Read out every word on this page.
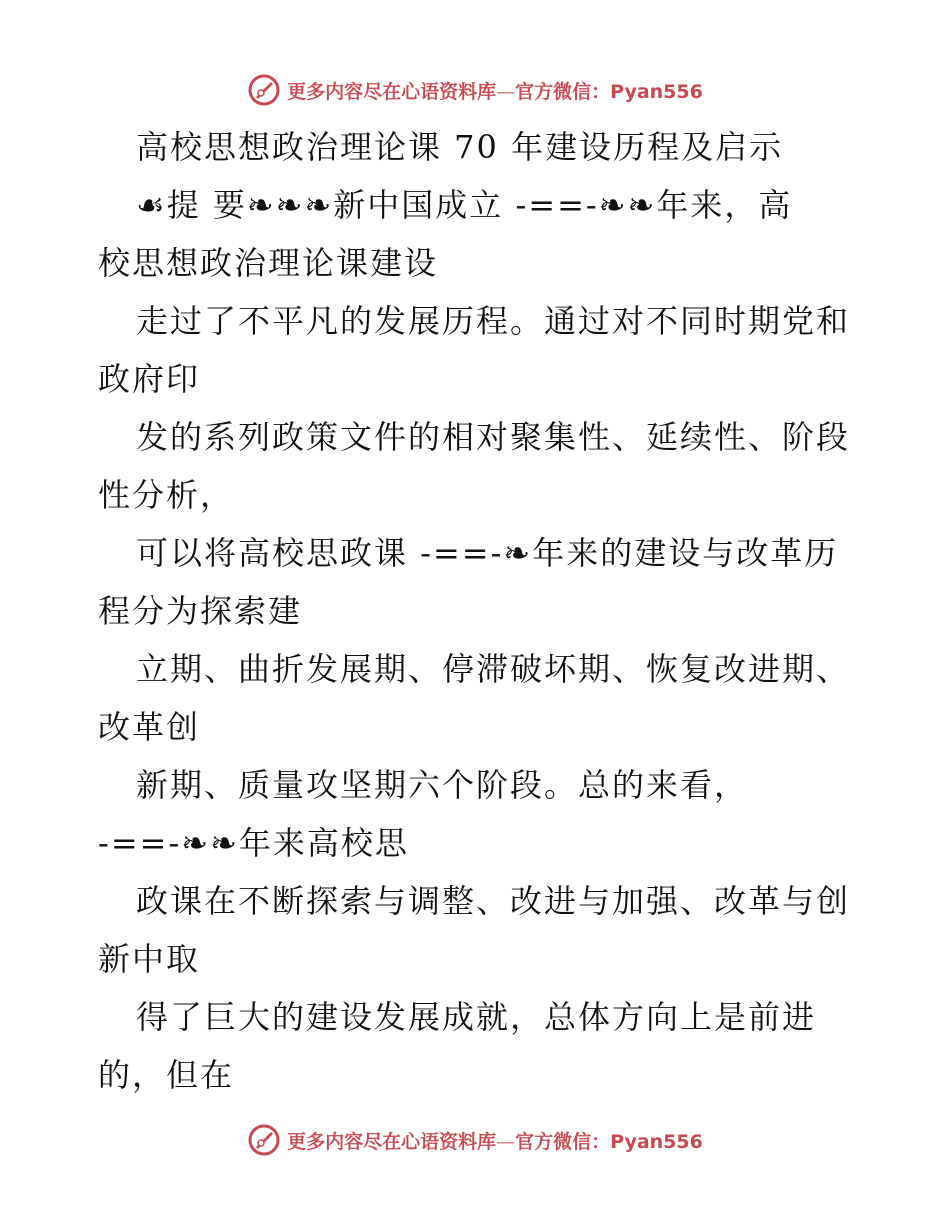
更多内容尽在心语资料库—官方微信：Pyan556
高校思想政治理论课 70 年建设历程及启示
☙提 要❧❧❧新中国成立 -==-❧❧年来，高
校思想政治理论课建设
走过了不平凡的发展历程。通过对不同时期党和
政府印
发的系列政策文件的相对聚集性、延续性、阶段
性分析，
可以将高校思政课 -==-❧年来的建设与改革历
程分为探索建
立期、曲折发展期、停滞破坏期、恢复改进期、
改革创
新期、质量攻坚期六个阶段。总的来看，
-==-❧❧年来高校思
政课在不断探索与调整、改进与加强、改革与创
新中取
得了巨大的建设发展成就，总体方向上是前进
的，但在
更多内容尽在心语资料库—官方微信：Pyan556
